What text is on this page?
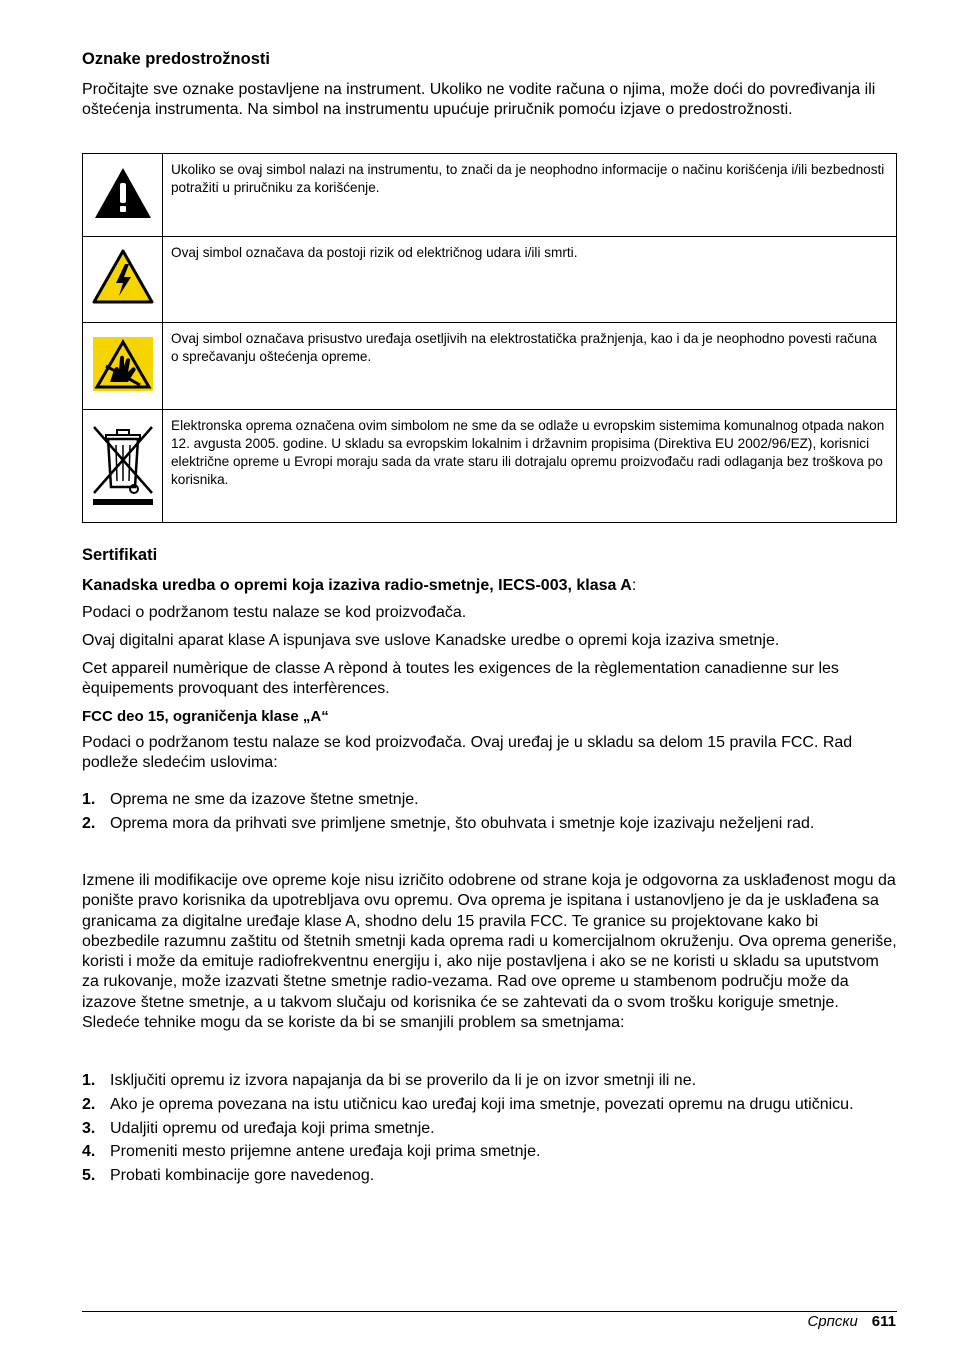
Oznake predostrožnosti

Pročitajte sve oznake postavljene na instrument. Ukoliko ne vodite računa o njima, može doći do povređivanja ili oštećenja instrumenta. Na simbol na instrumentu upućuje priručnik pomoću izjave o predostrožnosti.

	Ukoliko se ovaj simbol nalazi na instrumentu, to znači da je neophodno informacije o načinu korišćenja i/ili bezbednosti potražiti u priručniku za korišćenje.
	Ovaj simbol označava da postoji rizik od električnog udara i/ili smrti.
	Ovaj simbol označava prisustvo uređaja osetljivih na elektrostatička pražnjenja, kao i da je neophodno povesti računa o sprečavanju oštećenja opreme.
	Elektronska oprema označena ovim simbolom ne sme da se odlaže u evropskim sistemima komunalnog otpada nakon 12. avgusta 2005. godine. U skladu sa evropskim lokalnim i državnim propisima (Direktiva EU 2002/96/EZ), korisnici električne opreme u Evropi moraju sada da vrate staru ili dotrajalu opremu proizvođaču radi odlaganja bez troškova po korisnika.
Sertifikati

Kanadska uredba o opremi koja izaziva radio-smetnje, IECS-003, klasa A:

Podaci o podržanom testu nalaze se kod proizvođača.

Ovaj digitalni aparat klase A ispunjava sve uslove Kanadske uredbe o opremi koja izaziva smetnje.

Cet appareil numèrique de classe A rèpond à toutes les exigences de la règlementation canadienne sur les èquipements provoquant des interfèrences.

FCC deo 15, ograničenja klase „A“

Podaci o podržanom testu nalaze se kod proizvođača. Ovaj uređaj je u skladu sa delom 15 pravila FCC. Rad podleže sledećim uslovima:

1. Oprema ne sme da izazove štetne smetnje.
2. Oprema mora da prihvati sve primljene smetnje, što obuhvata i smetnje koje izazivaju neželjeni rad.

Izmene ili modifikacije ove opreme koje nisu izričito odobrene od strane koja je odgovorna za usklađenost mogu da ponište pravo korisnika da upotrebljava ovu opremu. Ova oprema je ispitana i ustanovljeno je da je usklađena sa granicama za digitalne uređaje klase A, shodno delu 15 pravila FCC. Te granice su projektovane kako bi obezbedile razumnu zaštitu od štetnih smetnji kada oprema radi u komercijalnom okruženju. Ova oprema generiše, koristi i može da emituje radiofrekventnu energiju i, ako nije postavljena i ako se ne koristi u skladu sa uputstvom za rukovanje, može izazvati štetne smetnje radio-vezama. Rad ove opreme u stambenom području može da izazove štetne smetnje, a u takvom slučaju od korisnika će se zahtevati da o svom trošku koriguje smetnje. Sledeće tehnike mogu da se koriste da bi se smanjili problem sa smetnjama:

1. Isključiti opremu iz izvora napajanja da bi se proverilo da li je on izvor smetnji ili ne.
2. Ako je oprema povezana na istu utičnicu kao uređaj koji ima smetnje, povezati opremu na drugu utičnicu.
3. Udaljiti opremu od uređaja koji prima smetnje.
4. Promeniti mesto prijemne antene uređaja koji prima smetnje.
5. Probati kombinacije gore navedenog.
Српски 611
